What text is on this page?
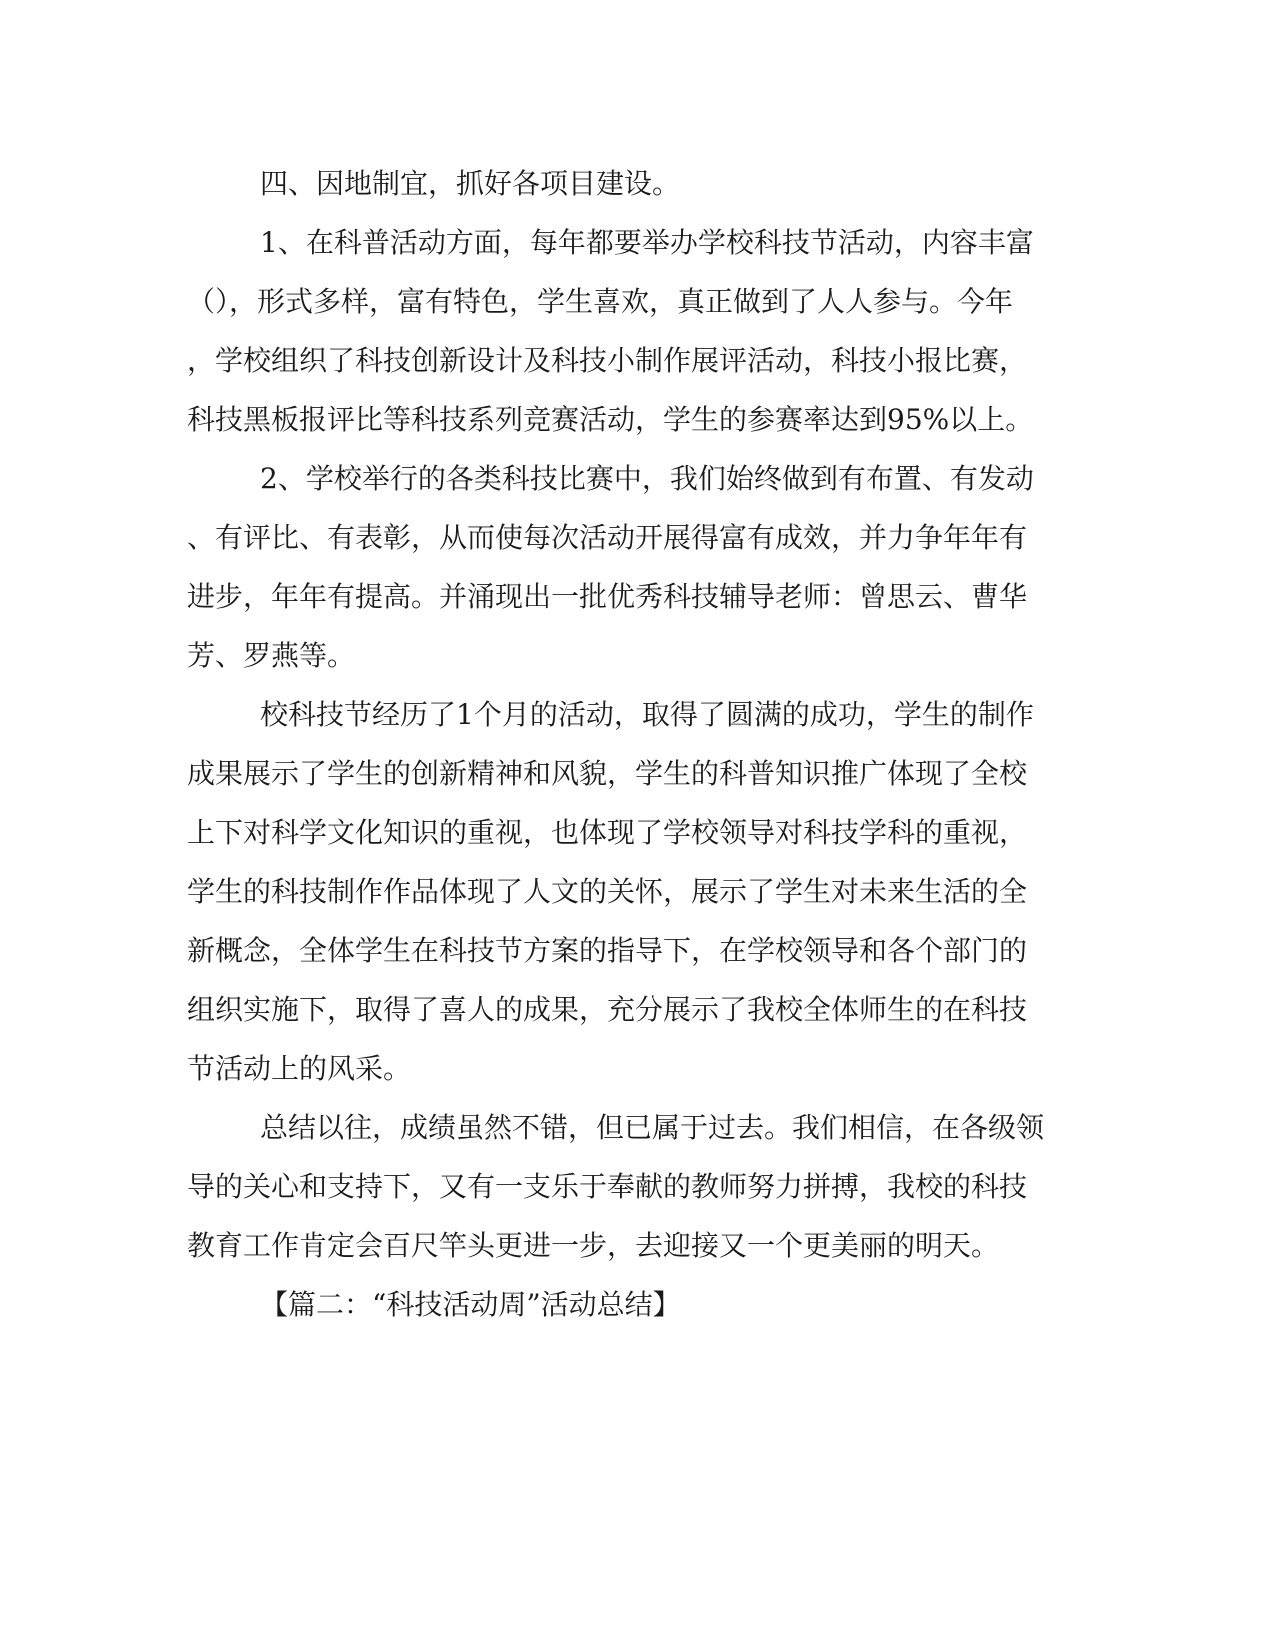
四、因地制宜，抓好各项目建设。

1、在科普活动方面，每年都要举办学校科技节活动，内容丰富

（），形式多样，富有特色，学生喜欢，真正做到了人人参与。今年

，学校组织了科技创新设计及科技小制作展评活动，科技小报比赛，

科技黑板报评比等科技系列竞赛活动，学生的参赛率达到95%以上。

2、学校举行的各类科技比赛中，我们始终做到有布置、有发动

、有评比、有表彰，从而使每次活动开展得富有成效，并力争年年有

进步，年年有提高。并涌现出一批优秀科技辅导老师：曾思云、曹华

芳、罗燕等。

校科技节经历了1个月的活动，取得了圆满的成功，学生的制作

成果展示了学生的创新精神和风貌，学生的科普知识推广体现了全校

上下对科学文化知识的重视，也体现了学校领导对科技学科的重视，

学生的科技制作作品体现了人文的关怀，展示了学生对未来生活的全

新概念，全体学生在科技节方案的指导下，在学校领导和各个部门的

组织实施下，取得了喜人的成果，充分展示了我校全体师生的在科技

节活动上的风采。

总结以往，成绩虽然不错，但已属于过去。我们相信，在各级领

导的关心和支持下，又有一支乐于奉献的教师努力拼搏，我校的科技

教育工作肯定会百尺竿头更进一步，去迎接又一个更美丽的明天。

【篇二：“科技活动周”活动总结】
